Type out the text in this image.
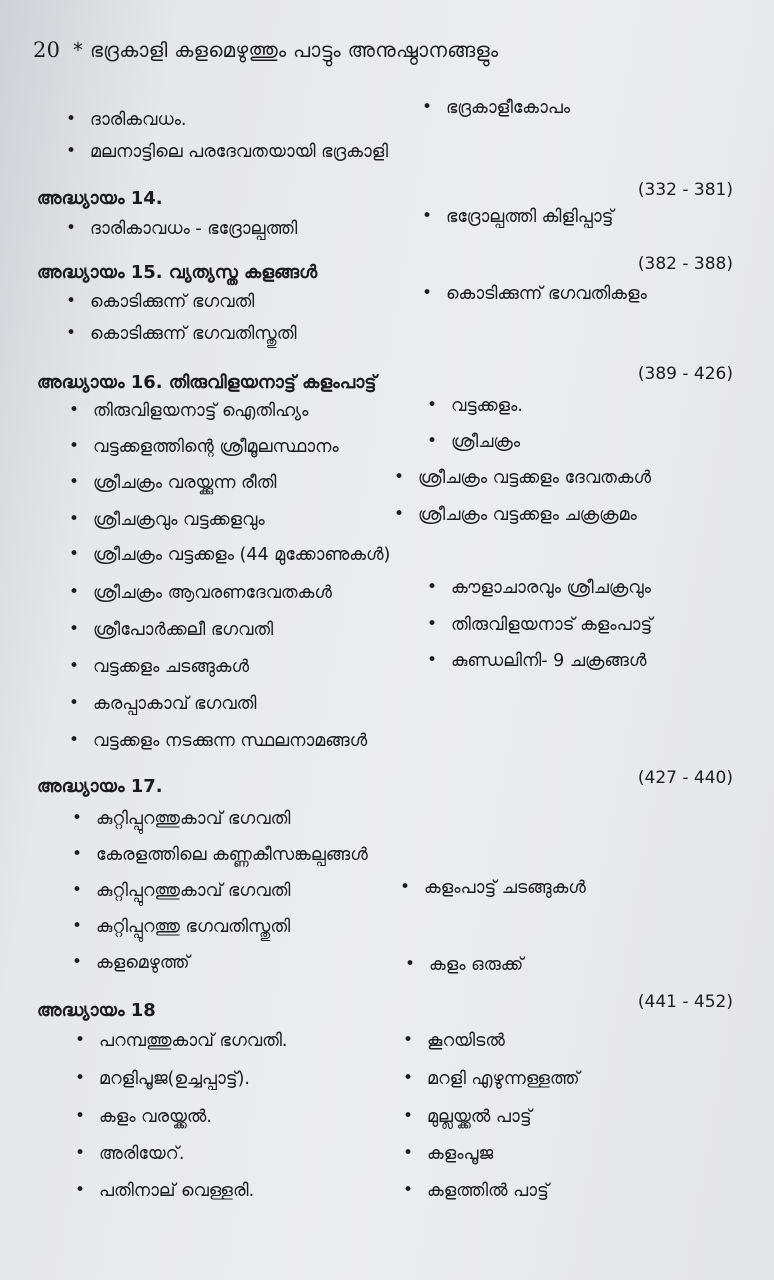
20 * ഭദ്രകാളി കളമെഴുത്തും പാട്ടും അനുഷ്ഠാനങ്ങളും
• ദാരികവധം.
• ഭദ്രകാളീകോപം
• മലനാട്ടിലെ പരദേവതയായി ഭദ്രകാളി
അദ്ധ്യായം 14.	(332 - 381)
• ദാരികാവധം - ഭദ്രോല്പത്തി
• ഭദ്രോല്പത്തി കിളിപ്പാട്ട്
അദ്ധ്യായം 15. വ്യത്യസ്ത കളങ്ങൾ	(382 - 388)
• കൊടിക്കുന്ന് ഭഗവതി	• കൊടിക്കുന്ന് ഭഗവതികളം
• കൊടിക്കുന്ന് ഭഗവതിസ്തുതി
അദ്ധ്യായം 16. തിരുവിളയനാട്ട് കളംപാട്ട്	(389 - 426)
• തിരുവിളയനാട്ട് ഐതിഹ്യം	• വട്ടക്കളം.
• വട്ടക്കളത്തിന്റെ ശ്രീമൂലസ്ഥാനം	• ശ്രീചക്രം
• ശ്രീചക്രം വരയ്ക്കുന്ന രീതി	• ശ്രീചക്രം വട്ടക്കളം ദേവതകൾ
• ശ്രീചക്രവും വട്ടക്കളവും	• ശ്രീചക്രം വട്ടക്കളം ചക്രക്രമം
• ശ്രീചക്രം വട്ടക്കളം (44 മുക്കോണുകൾ)
• ശ്രീചക്രം ആവരണദേവതകൾ	• കൗളാചാരവും ശ്രീചക്രവും
• ശ്രീപോർക്കലീ ഭഗവതി	• തിരുവിളയനാട് കളംപാട്ട്
• വട്ടക്കളം ചടങ്ങുകൾ	• കുണ്ഡലിനി- 9 ചക്രങ്ങൾ
• കരപ്പാകാവ് ഭഗവതി
• വട്ടക്കളം നടക്കുന്ന സ്ഥലനാമങ്ങൾ
അദ്ധ്യായം 17.	(427 - 440)
• കുറ്റിപ്പുറത്തുകാവ് ഭഗവതി
• കേരളത്തിലെ കണ്ണകീസങ്കല്പങ്ങൾ
• കുറ്റിപ്പുറത്തുകാവ് ഭഗവതി	• കളംപാട്ട് ചടങ്ങുകൾ
• കുറ്റിപ്പുറത്തു ഭഗവതിസ്തുതി
• കളമെഴുത്ത്	• കളം ഒരുക്ക്
അദ്ധ്യായം 18	(441 - 452)
• പറമ്പത്തുകാവ് ഭഗവതി.	• കൂറയിടൽ
• മറളിപൂജ(ഉച്ചപ്പാട്ട്).	• മറളി എഴുന്നള്ളത്ത്
• കളം വരയ്ക്കൽ.	• മുല്ലയ്ക്കൽ പാട്ട്
• അരിയേറ്.	• കളംപൂജ
• പതിനാല് വെള്ളരി.	• കളത്തിൽ പാട്ട്
